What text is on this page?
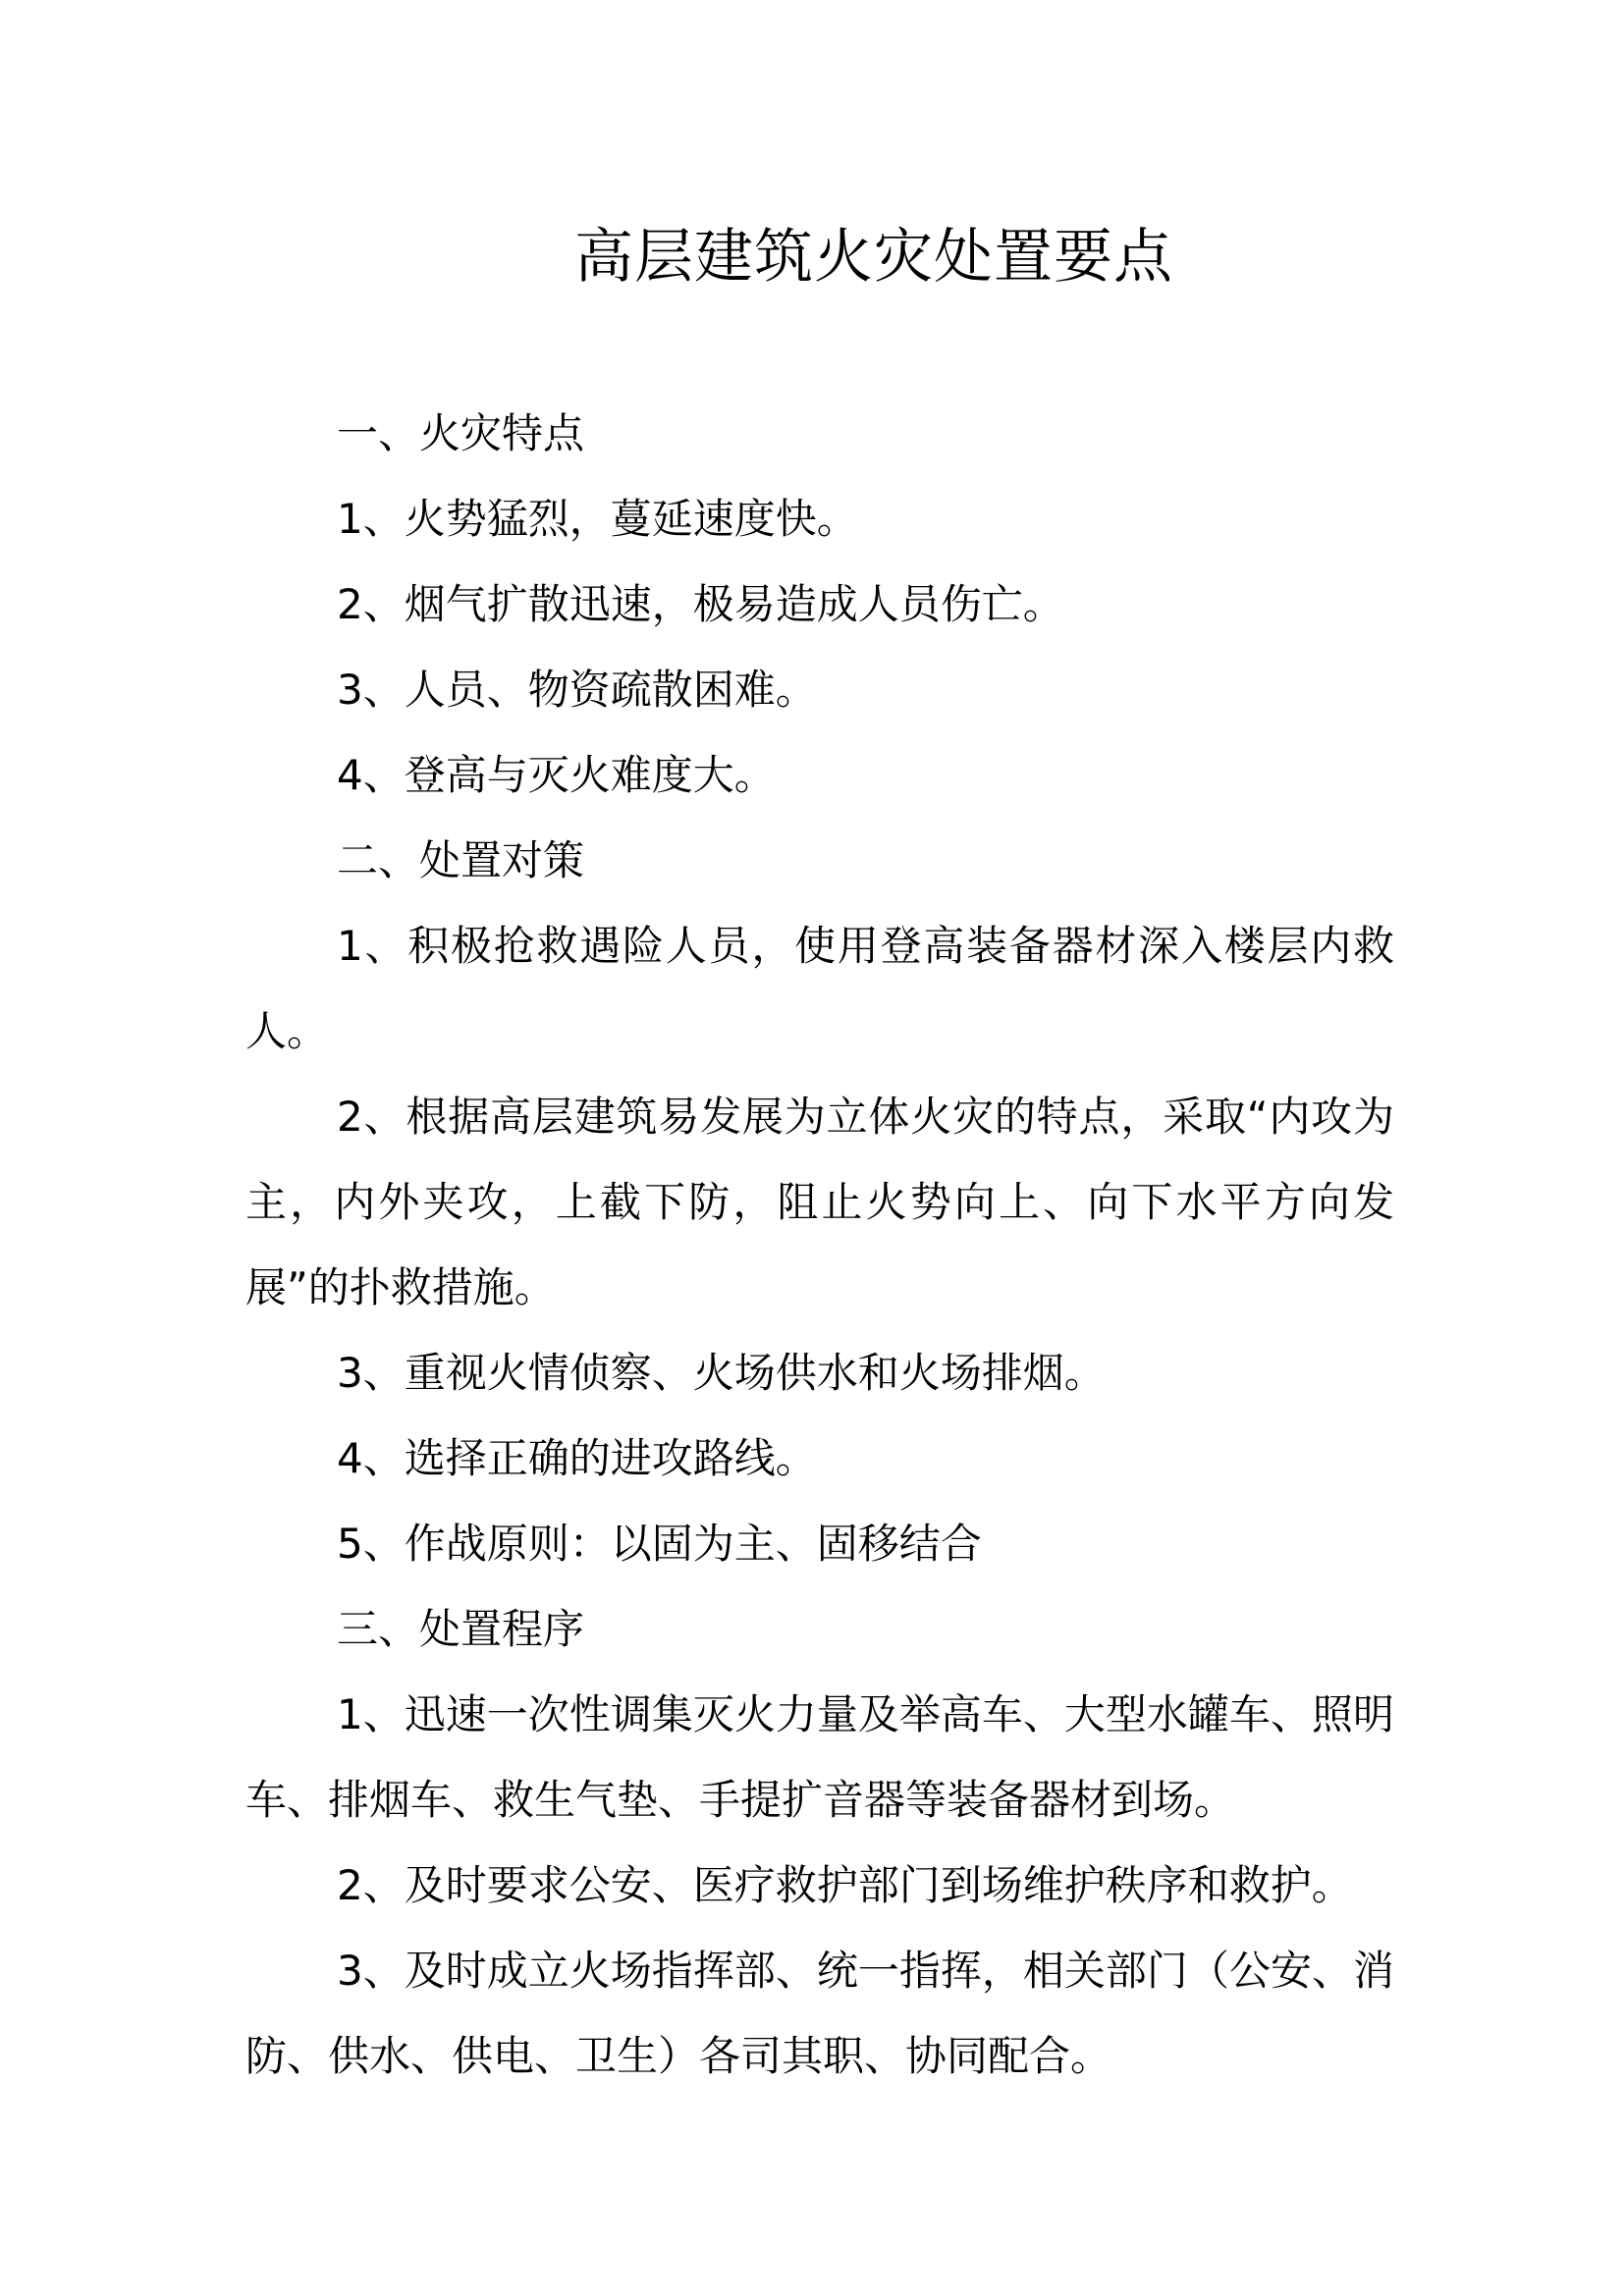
高层建筑火灾处置要点

一、火灾特点

1、火势猛烈，蔓延速度快。

2、烟气扩散迅速，极易造成人员伤亡。

3、人员、物资疏散困难。

4、登高与灭火难度大。

二、处置对策

1、积极抢救遇险人员，使用登高装备器材深入楼层内救人。

2、根据高层建筑易发展为立体火灾的特点，采取“内攻为主，内外夹攻，上截下防，阻止火势向上、向下水平方向发展”的扑救措施。

3、重视火情侦察、火场供水和火场排烟。

4、选择正确的进攻路线。

5、作战原则：以固为主、固移结合

三、处置程序

1、迅速一次性调集灭火力量及举高车、大型水罐车、照明车、排烟车、救生气垫、手提扩音器等装备器材到场。

2、及时要求公安、医疗救护部门到场维护秩序和救护。

3、及时成立火场指挥部、统一指挥，相关部门（公安、消防、供水、供电、卫生）各司其职、协同配合。
